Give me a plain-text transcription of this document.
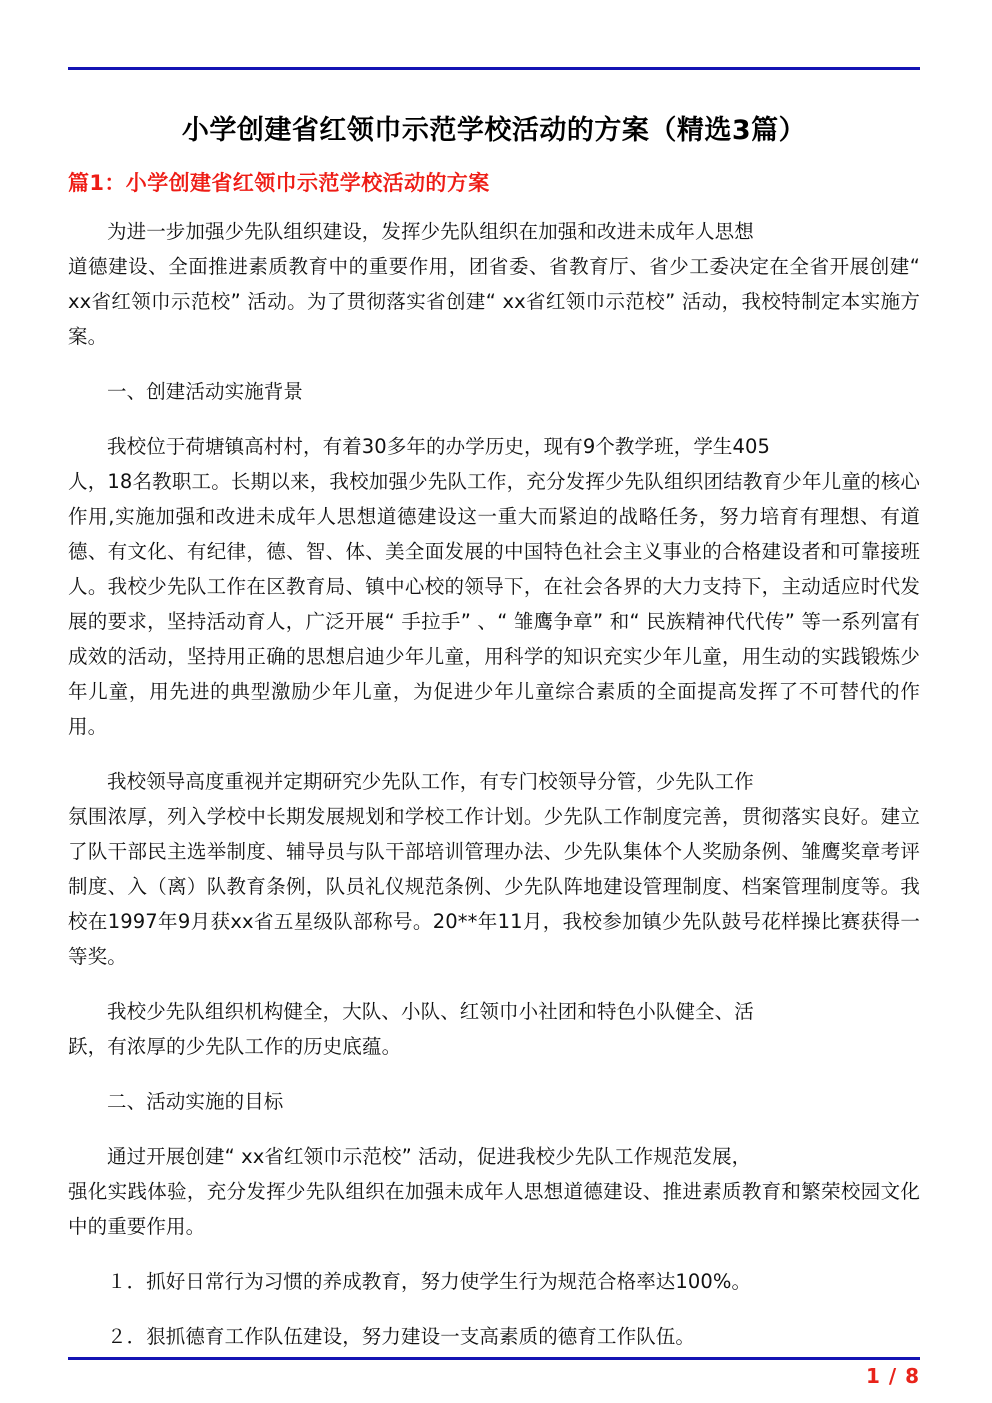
小学创建省红领巾示范学校活动的方案（精选3篇）
篇1：小学创建省红领巾示范学校活动的方案

为进一步加强少先队组织建设，发挥少先队组织在加强和改进未成年人思想
道德建设、全面推进素质教育中的重要作用，团省委、省教育厅、省少工委决定在全省开展创建“ xx省红领巾示范校” 活动。为了贯彻落实省创建“ xx省红领巾示范校” 活动，我校特制定本实施方案。

一、创建活动实施背景

我校位于荷塘镇高村村，有着30多年的办学历史，现有9个教学班，学生405
人，18名教职工。长期以来，我校加强少先队工作，充分发挥少先队组织团结教育少年儿童的核心作用,实施加强和改进未成年人思想道德建设这一重大而紧迫的战略任务，努力培育有理想、有道德、有文化、有纪律，德、智、体、美全面发展的中国特色社会主义事业的合格建设者和可靠接班人。我校少先队工作在区教育局、镇中心校的领导下，在社会各界的大力支持下，主动适应时代发展的要求，坚持活动育人，广泛开展“ 手拉手” 、“ 雏鹰争章” 和“ 民族精神代代传” 等一系列富有成效的活动，坚持用正确的思想启迪少年儿童，用科学的知识充实少年儿童，用生动的实践锻炼少年儿童，用先进的典型激励少年儿童，为促进少年儿童综合素质的全面提高发挥了不可替代的作用。

我校领导高度重视并定期研究少先队工作，有专门校领导分管，少先队工作
氛围浓厚，列入学校中长期发展规划和学校工作计划。少先队工作制度完善，贯彻落实良好。建立了队干部民主选举制度、辅导员与队干部培训管理办法、少先队集体个人奖励条例、雏鹰奖章考评制度、入（离）队教育条例，队员礼仪规范条例、少先队阵地建设管理制度、档案管理制度等。我校在1997年9月获xx省五星级队部称号。20**年11月，我校参加镇少先队鼓号花样操比赛获得一等奖。

我校少先队组织机构健全，大队、小队、红领巾小社团和特色小队健全、活
跃，有浓厚的少先队工作的历史底蕴。

二、活动实施的目标

通过开展创建“ xx省红领巾示范校” 活动，促进我校少先队工作规范发展，
强化实践体验，充分发挥少先队组织在加强未成年人思想道德建设、推进素质教育和繁荣校园文化中的重要作用。

１．抓好日常行为习惯的养成教育，努力使学生行为规范合格率达100%。

２．狠抓德育工作队伍建设，努力建设一支高素质的德育工作队伍。

1 / 8
